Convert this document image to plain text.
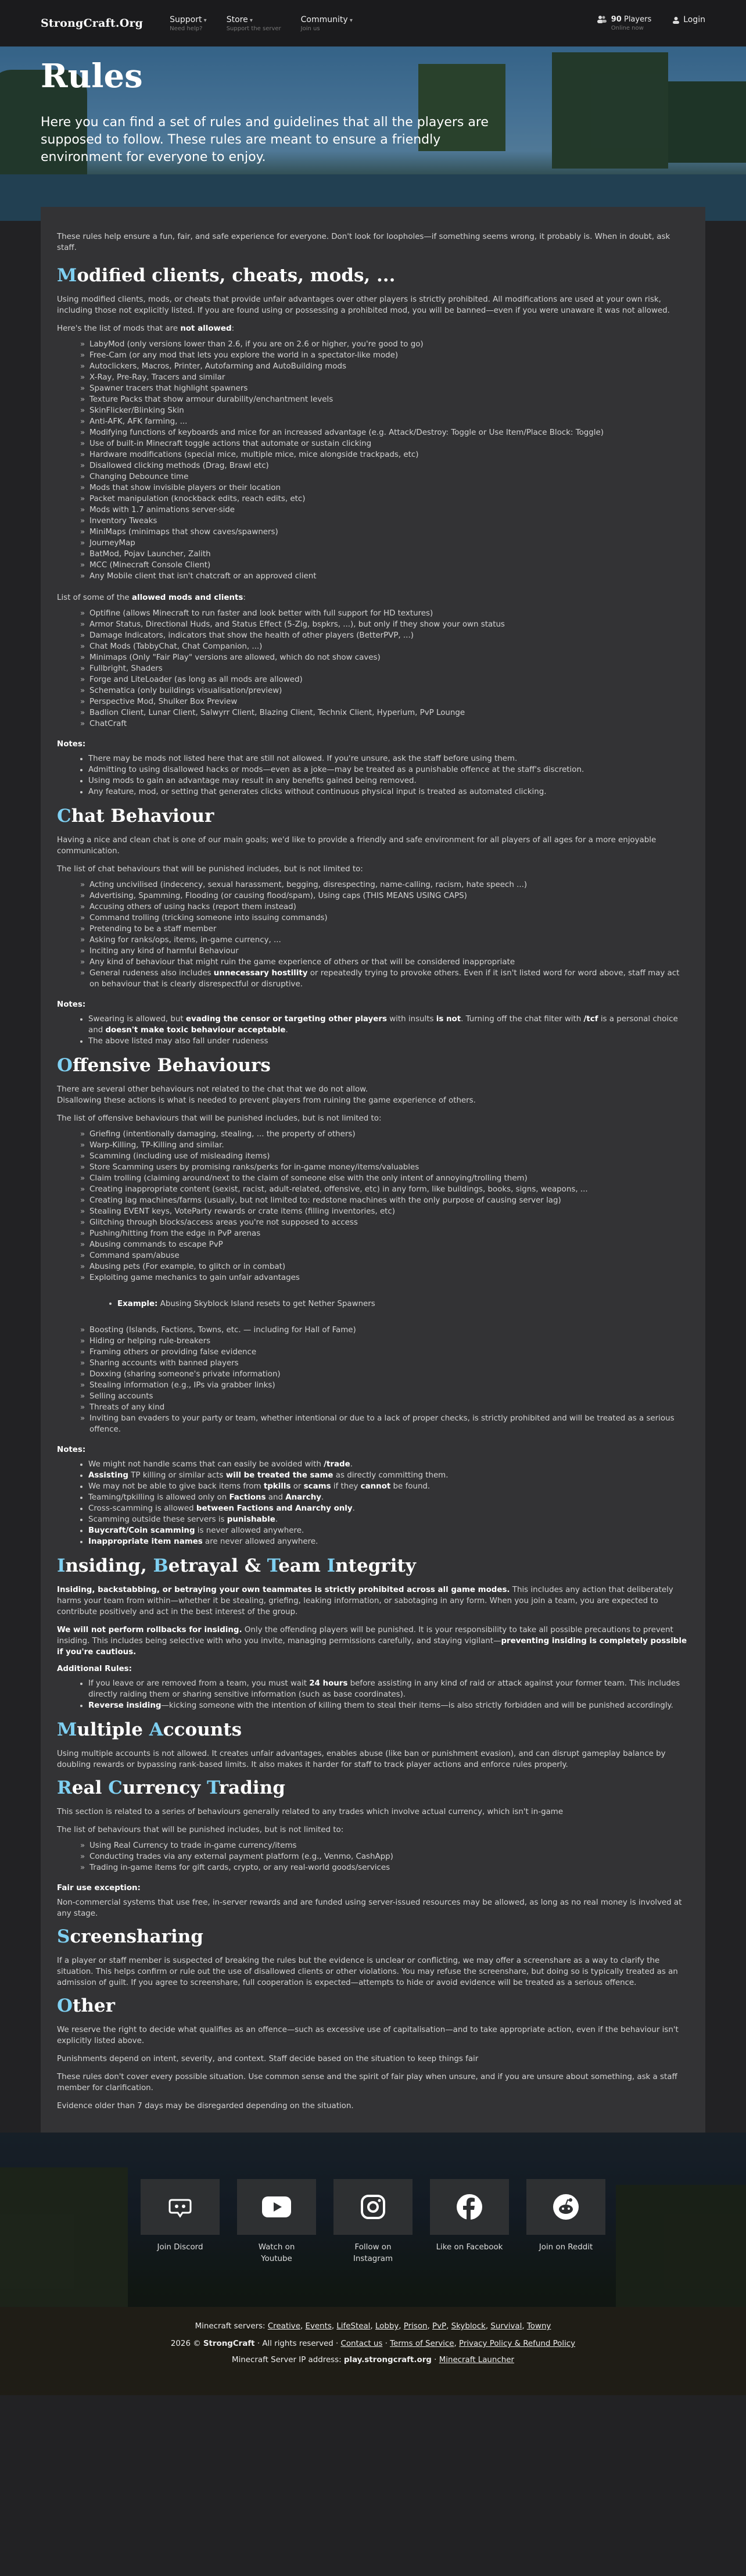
StrongCraft.Org	Support ▾
Need help?
Store ▾
Support the server
Community ▾
Join us
90 Players
Online now
Login
Rules

Here you can find a set of rules and guidelines that all the players are supposed to follow. These rules are meant to ensure a friendly environment for everyone to enjoy.

These rules help ensure a fun, fair, and safe experience for everyone. Don't look for loopholes—if something seems wrong, it probably is. When in doubt, ask staff.

Modified clients, cheats, mods, ...

Using modified clients, mods, or cheats that provide unfair advantages over other players is strictly prohibited. All modifications are used at your own risk, including those not explicitly listed. If you are found using or possessing a prohibited mod, you will be banned—even if you were unaware it was not allowed.

Here's the list of mods that are not allowed:

» LabyMod (only versions lower than 2.6, if you are on 2.6 or higher, you're good to go)
» Free-Cam (or any mod that lets you explore the world in a spectator-like mode)
» Autoclickers, Macros, Printer, Autofarming and AutoBuilding mods
» X-Ray, Pre-Ray, Tracers and similar
» Spawner tracers that highlight spawners
» Texture Packs that show armour durability/enchantment levels
» SkinFlicker/Blinking Skin
» Anti-AFK, AFK farming, ...
» Modifying functions of keyboards and mice for an increased advantage (e.g. Attack/Destroy: Toggle or Use Item/Place Block: Toggle)
» Use of built-in Minecraft toggle actions that automate or sustain clicking
» Hardware modifications (special mice, multiple mice, mice alongside trackpads, etc)
» Disallowed clicking methods (Drag, Brawl etc)
» Changing Debounce time
» Mods that show invisible players or their location
» Packet manipulation (knockback edits, reach edits, etc)
» Mods with 1.7 animations server-side
» Inventory Tweaks
» MiniMaps (minimaps that show caves/spawners)
» JourneyMap
» BatMod, Pojav Launcher, Zalith
» MCC (Minecraft Console Client)
» Any Mobile client that isn't chatcraft or an approved client

List of some of the allowed mods and clients:

» Optifine (allows Minecraft to run faster and look better with full support for HD textures)
» Armor Status, Directional Huds, and Status Effect (5-Zig, bspkrs, ...), but only if they show your own status
» Damage Indicators, indicators that show the health of other players (BetterPVP, ...)
» Chat Mods (TabbyChat, Chat Companion, ...)
» Minimaps (Only "Fair Play" versions are allowed, which do not show caves)
» Fullbright, Shaders
» Forge and LiteLoader (as long as all mods are allowed)
» Schematica (only buildings visualisation/preview)
» Perspective Mod, Shulker Box Preview
» Badlion Client, Lunar Client, Salwyrr Client, Blazing Client, Technix Client, Hyperium, PvP Lounge
» ChatCraft

Notes:

There may be mods not listed here that are still not allowed. If you're unsure, ask the staff before using them.
Admitting to using disallowed hacks or mods—even as a joke—may be treated as a punishable offence at the staff's discretion.
Using mods to gain an advantage may result in any benefits gained being removed.
Any feature, mod, or setting that generates clicks without continuous physical input is treated as automated clicking.
Chat Behaviour

Having a nice and clean chat is one of our main goals; we'd like to provide a friendly and safe environment for all players of all ages for a more enjoyable communication.

The list of chat behaviours that will be punished includes, but is not limited to:

» Acting uncivilised (indecency, sexual harassment, begging, disrespecting, name-calling, racism, hate speech ...)
» Advertising, Spamming, Flooding (or causing flood/spam), Using caps (THIS MEANS USING CAPS)
» Accusing others of using hacks (report them instead)
» Command trolling (tricking someone into issuing commands)
» Pretending to be a staff member
» Asking for ranks/ops, items, in-game currency, ...
» Inciting any kind of harmful Behaviour
» Any kind of behaviour that might ruin the game experience of others or that will be considered inappropriate
» General rudeness also includes unnecessary hostility or repeatedly trying to provoke others. Even if it isn't listed word for word above, staff may act on behaviour that is clearly disrespectful or disruptive.

Notes:

Swearing is allowed, but evading the censor or targeting other players with insults is not. Turning off the chat filter with /tcf is a personal choice and doesn't make toxic behaviour acceptable.
The above listed may also fall under rudeness
Offensive Behaviours

There are several other behaviours not related to the chat that we do not allow.
Disallowing these actions is what is needed to prevent players from ruining the game experience of others.

The list of offensive behaviours that will be punished includes, but is not limited to:

» Griefing (intentionally damaging, stealing, ... the property of others)
» Warp-Killing, TP-Killing and similar.
» Scamming (including use of misleading items)
» Store Scamming users by promising ranks/perks for in-game money/items/valuables
» Claim trolling (claiming around/next to the claim of someone else with the only intent of annoying/trolling them)
» Creating inappropriate content (sexist, racist, adult-related, offensive, etc) in any form, like buildings, books, signs, weapons, ...
» Creating lag machines/farms (usually, but not limited to: redstone machines with the only purpose of causing server lag)
» Stealing EVENT keys, VoteParty rewards or crate items (filling inventories, etc)
» Glitching through blocks/access areas you're not supposed to access
» Pushing/hitting from the edge in PvP arenas
» Abusing commands to escape PvP
» Command spam/abuse
» Abusing pets (For example, to glitch or in combat)
» Exploiting game mechanics to gain unfair advantages
Example: Abusing Skyblock Island resets to get Nether Spawners
» Boosting (Islands, Factions, Towns, etc. — including for Hall of Fame)
» Hiding or helping rule-breakers
» Framing others or providing false evidence
» Sharing accounts with banned players
» Doxxing (sharing someone's private information)
» Stealing information (e.g., IPs via grabber links)
» Selling accounts
» Threats of any kind
» Inviting ban evaders to your party or team, whether intentional or due to a lack of proper checks, is strictly prohibited and will be treated as a serious offence.

Notes:

We might not handle scams that can easily be avoided with /trade.
Assisting TP killing or similar acts will be treated the same as directly committing them.
We may not be able to give back items from tpkills or scams if they cannot be found.
Teaming/tpkilling is allowed only on Factions and Anarchy.
Cross-scamming is allowed between Factions and Anarchy only.
Scamming outside these servers is punishable.
Buycraft/Coin scamming is never allowed anywhere.
Inappropriate item names are never allowed anywhere.
Insiding, Betrayal & Team Integrity

Insiding, backstabbing, or betraying your own teammates is strictly prohibited across all game modes. This includes any action that deliberately harms your team from within—whether it be stealing, griefing, leaking information, or sabotaging in any form. When you join a team, you are expected to contribute positively and act in the best interest of the group.

We will not perform rollbacks for insiding. Only the offending players will be punished. It is your responsibility to take all possible precautions to prevent insiding. This includes being selective with who you invite, managing permissions carefully, and staying vigilant—preventing insiding is completely possible if you're cautious.

Additional Rules:

If you leave or are removed from a team, you must wait 24 hours before assisting in any kind of raid or attack against your former team. This includes directly raiding them or sharing sensitive information (such as base coordinates).
Reverse insiding—kicking someone with the intention of killing them to steal their items—is also strictly forbidden and will be punished accordingly.
Multiple Accounts

Using multiple accounts is not allowed. It creates unfair advantages, enables abuse (like ban or punishment evasion), and can disrupt gameplay balance by doubling rewards or bypassing rank-based limits. It also makes it harder for staff to track player actions and enforce rules properly.

Real Currency Trading

This section is related to a series of behaviours generally related to any trades which involve actual currency, which isn't in-game

The list of behaviours that will be punished includes, but is not limited to:

» Using Real Currency to trade in-game currency/items
» Conducting trades via any external payment platform (e.g., Venmo, CashApp)
» Trading in-game items for gift cards, crypto, or any real-world goods/services

Fair use exception:

Non-commercial systems that use free, in-server rewards and are funded using server-issued resources may be allowed, as long as no real money is involved at any stage.

Screensharing

If a player or staff member is suspected of breaking the rules but the evidence is unclear or conflicting, we may offer a screenshare as a way to clarify the situation. This helps confirm or rule out the use of disallowed clients or other violations. You may refuse the screenshare, but doing so is typically treated as an admission of guilt. If you agree to screenshare, full cooperation is expected—attempts to hide or avoid evidence will be treated as a serious offence.

Other

We reserve the right to decide what qualifies as an offence—such as excessive use of capitalisation—and to take appropriate action, even if the behaviour isn't explicitly listed above.

Punishments depend on intent, severity, and context. Staff decide based on the situation to keep things fair

These rules don't cover every possible situation. Use common sense and the spirit of fair play when unsure, and if you are unsure about something, ask a staff member for clarification.

Evidence older than 7 days may be disregarded depending on the situation.

Join Discord	Watch on Youtube
Follow on Instagram
Like on Facebook	Join on Reddit
Minecraft servers: Creative, Events, LifeSteal, Lobby, Prison, PvP, Skyblock, Survival, Towny
2026 © StrongCraft · All rights reserved · Contact us · Terms of Service, Privacy Policy & Refund Policy
Minecraft Server IP address: play.strongcraft.org · Minecraft Launcher
